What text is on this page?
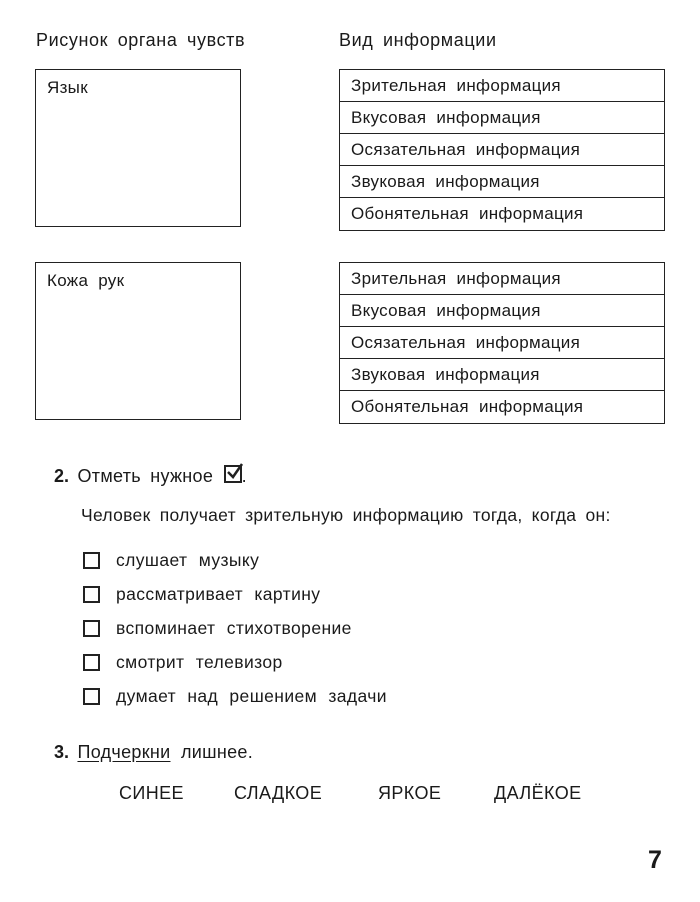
Рисунок органа чувств	Вид информации
Язык	Зрительная информация
Вкусовая информация
Осязательная информация
Звуковая информация
Обонятельная информация
Кожа рук	Зрительная информация
Вкусовая информация
Осязательная информация
Звуковая информация
Обонятельная информация
2. Отметь нужное .
Человек получает зрительную информацию тогда, когда он:
слушает музыку
рассматривает картину
вспоминает стихотворение
смотрит телевизор
думает над решением задачи
3. Подчеркни лишнее.
СИНЕЕ	СЛАДКОЕ	ЯРКОЕ	ДАЛЁКОЕ
7
